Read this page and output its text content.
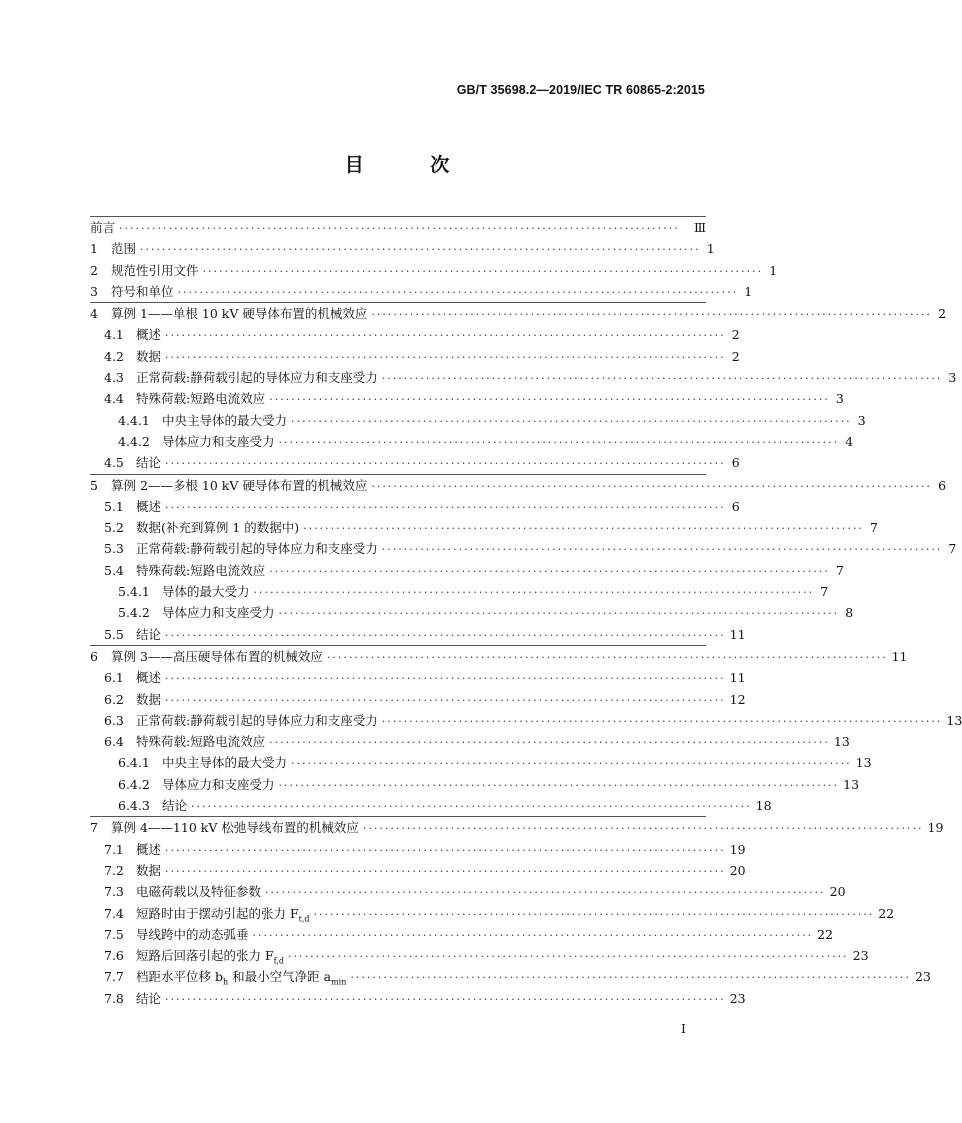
GB/T 35698.2—2019/IEC TR 60865-2:2015
目 次
前言 ······································································································	Ⅲ
1	范围 ······································································································ 1
2	规范性引用文件 ······································································································ 1
3	符号和单位 ······································································································ 1
4	算例 1——单根 10 kV 硬导体布置的机械效应 ······································································································ 2
4.1 概述 ······································································································ 2
4.2 数据 ······································································································ 2
4.3 正常荷载:静荷载引起的导体应力和支座受力 ······································································································ 3
4.4 特殊荷载:短路电流效应 ······································································································ 3
4.4.1 中央主导体的最大受力 ······································································································ 3
4.4.2 导体应力和支座受力 ······································································································ 4
4.5 结论 ······································································································ 6
5	算例 2——多根 10 kV 硬导体布置的机械效应 ······································································································ 6
5.1 概述 ······································································································ 6
5.2 数据(补充到算例 1 的数据中) ······································································································ 7
5.3 正常荷载:静荷载引起的导体应力和支座受力 ······································································································ 7
5.4 特殊荷载:短路电流效应 ······································································································ 7
5.4.1 导体的最大受力 ······································································································ 7
5.4.2 导体应力和支座受力 ······································································································ 8
5.5 结论 ······································································································ 11
6	算例 3——高压硬导体布置的机械效应 ······································································································ 11
6.1 概述 ······································································································ 11
6.2 数据 ······································································································ 12
6.3 正常荷载:静荷载引起的导体应力和支座受力 ······································································································ 13
6.4 特殊荷载:短路电流效应 ······································································································ 13
6.4.1 中央主导体的最大受力 ······································································································ 13
6.4.2 导体应力和支座受力 ······································································································ 13
6.4.3 结论 ······································································································ 18
7	算例 4——110 kV 松弛导线布置的机械效应 ······································································································ 19
7.1 概述 ······································································································ 19
7.2 数据 ······································································································ 20
7.3 电磁荷载以及特征参数 ······································································································ 20
7.4 短路时由于摆动引起的张力 $F_{t,d}$ ······································································································ 22
7.5 导线跨中的动态弧垂 ······································································································ 22
7.6 短路后回落引起的张力 $F_{f,d}$ ······································································································ 23
7.7 档距水平位移 $b_h$ 和最小空气净距 $a_{min}$ ······································································································ 23
7.8 结论 ······································································································ 23
I
